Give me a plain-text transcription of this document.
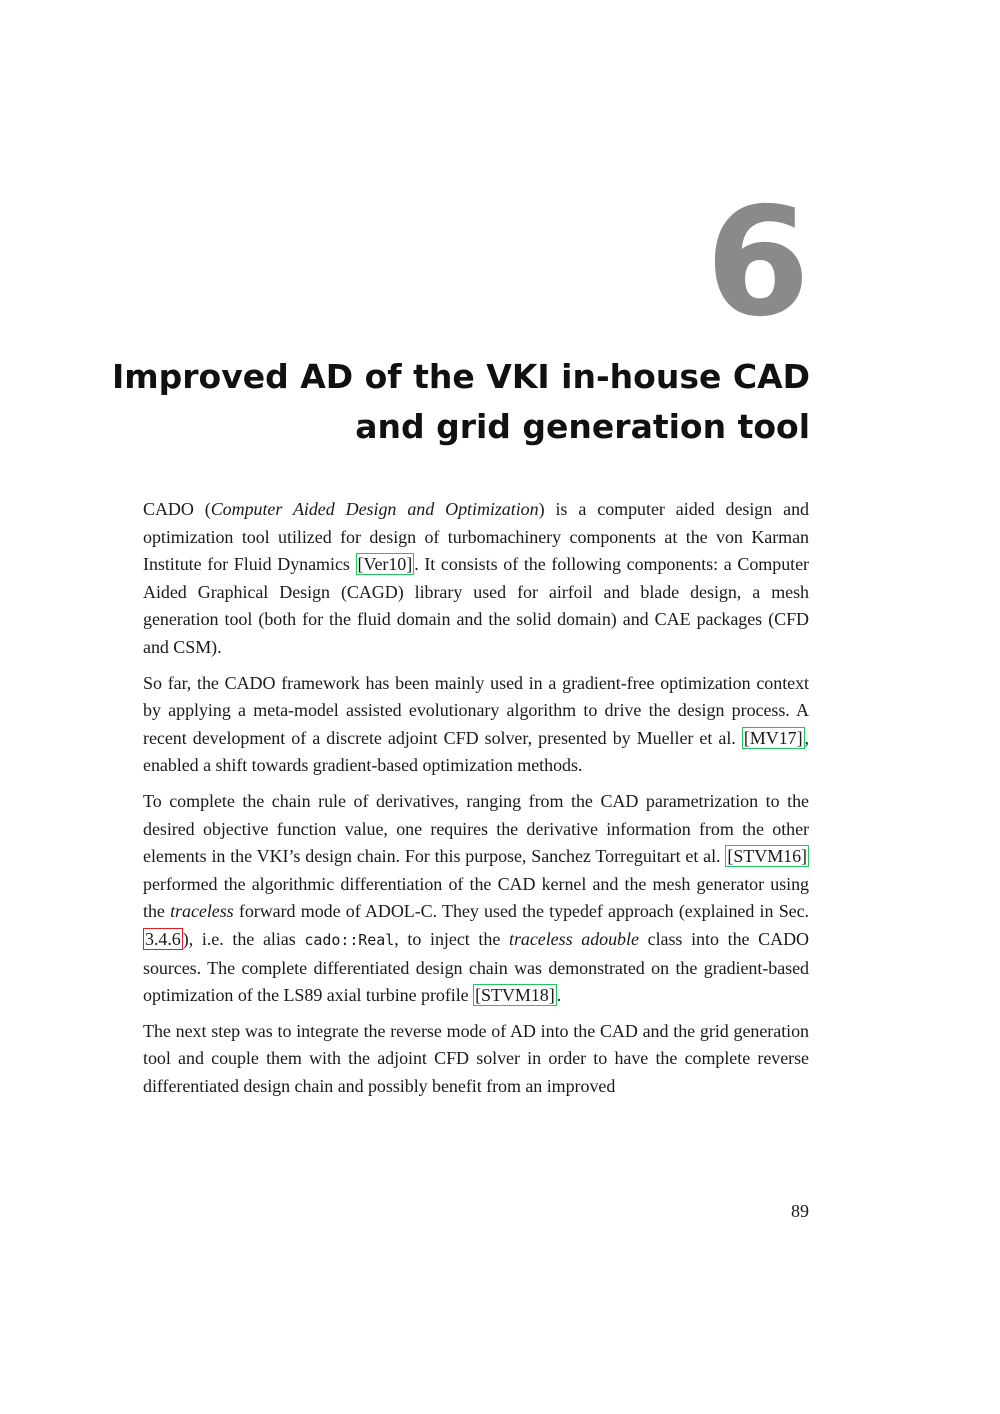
6
Improved AD of the VKI in-house CAD
and grid generation tool

CADO (Computer Aided Design and Optimization) is a computer aided design and optimization tool utilized for design of turbomachinery components at the von Karman Institute for Fluid Dynamics [Ver10] . It consists of the following components: a Computer Aided Graphical Design (CAGD) library used for airfoil and blade design, a mesh generation tool (both for the fluid domain and the solid domain) and CAE packages (CFD and CSM).

So far, the CADO framework has been mainly used in a gradient-free optimization context by applying a meta-model assisted evolutionary algorithm to drive the design process. A recent development of a discrete adjoint CFD solver, presented by Mueller et al. [MV17] , enabled a shift towards gradient-based optimization methods.

To complete the chain rule of derivatives, ranging from the CAD parametrization to the desired objective function value, one requires the derivative information from the other elements in the VKI’s design chain. For this purpose, Sanchez Torreguitart et al. [STVM16] performed the algorithmic differentiation of the CAD kernel and the mesh generator using the traceless forward mode of ADOL-C. They used the typedef approach (explained in Sec. 3.4.6 ), i.e. the alias cado::Real, to inject the traceless adouble class into the CADO sources. The complete differentiated design chain was demonstrated on the gradient-based optimization of the LS89 axial turbine profile [STVM18] .

The next step was to integrate the reverse mode of AD into the CAD and the grid generation tool and couple them with the adjoint CFD solver in order to have the complete reverse differentiated design chain and possibly benefit from an improved

89
